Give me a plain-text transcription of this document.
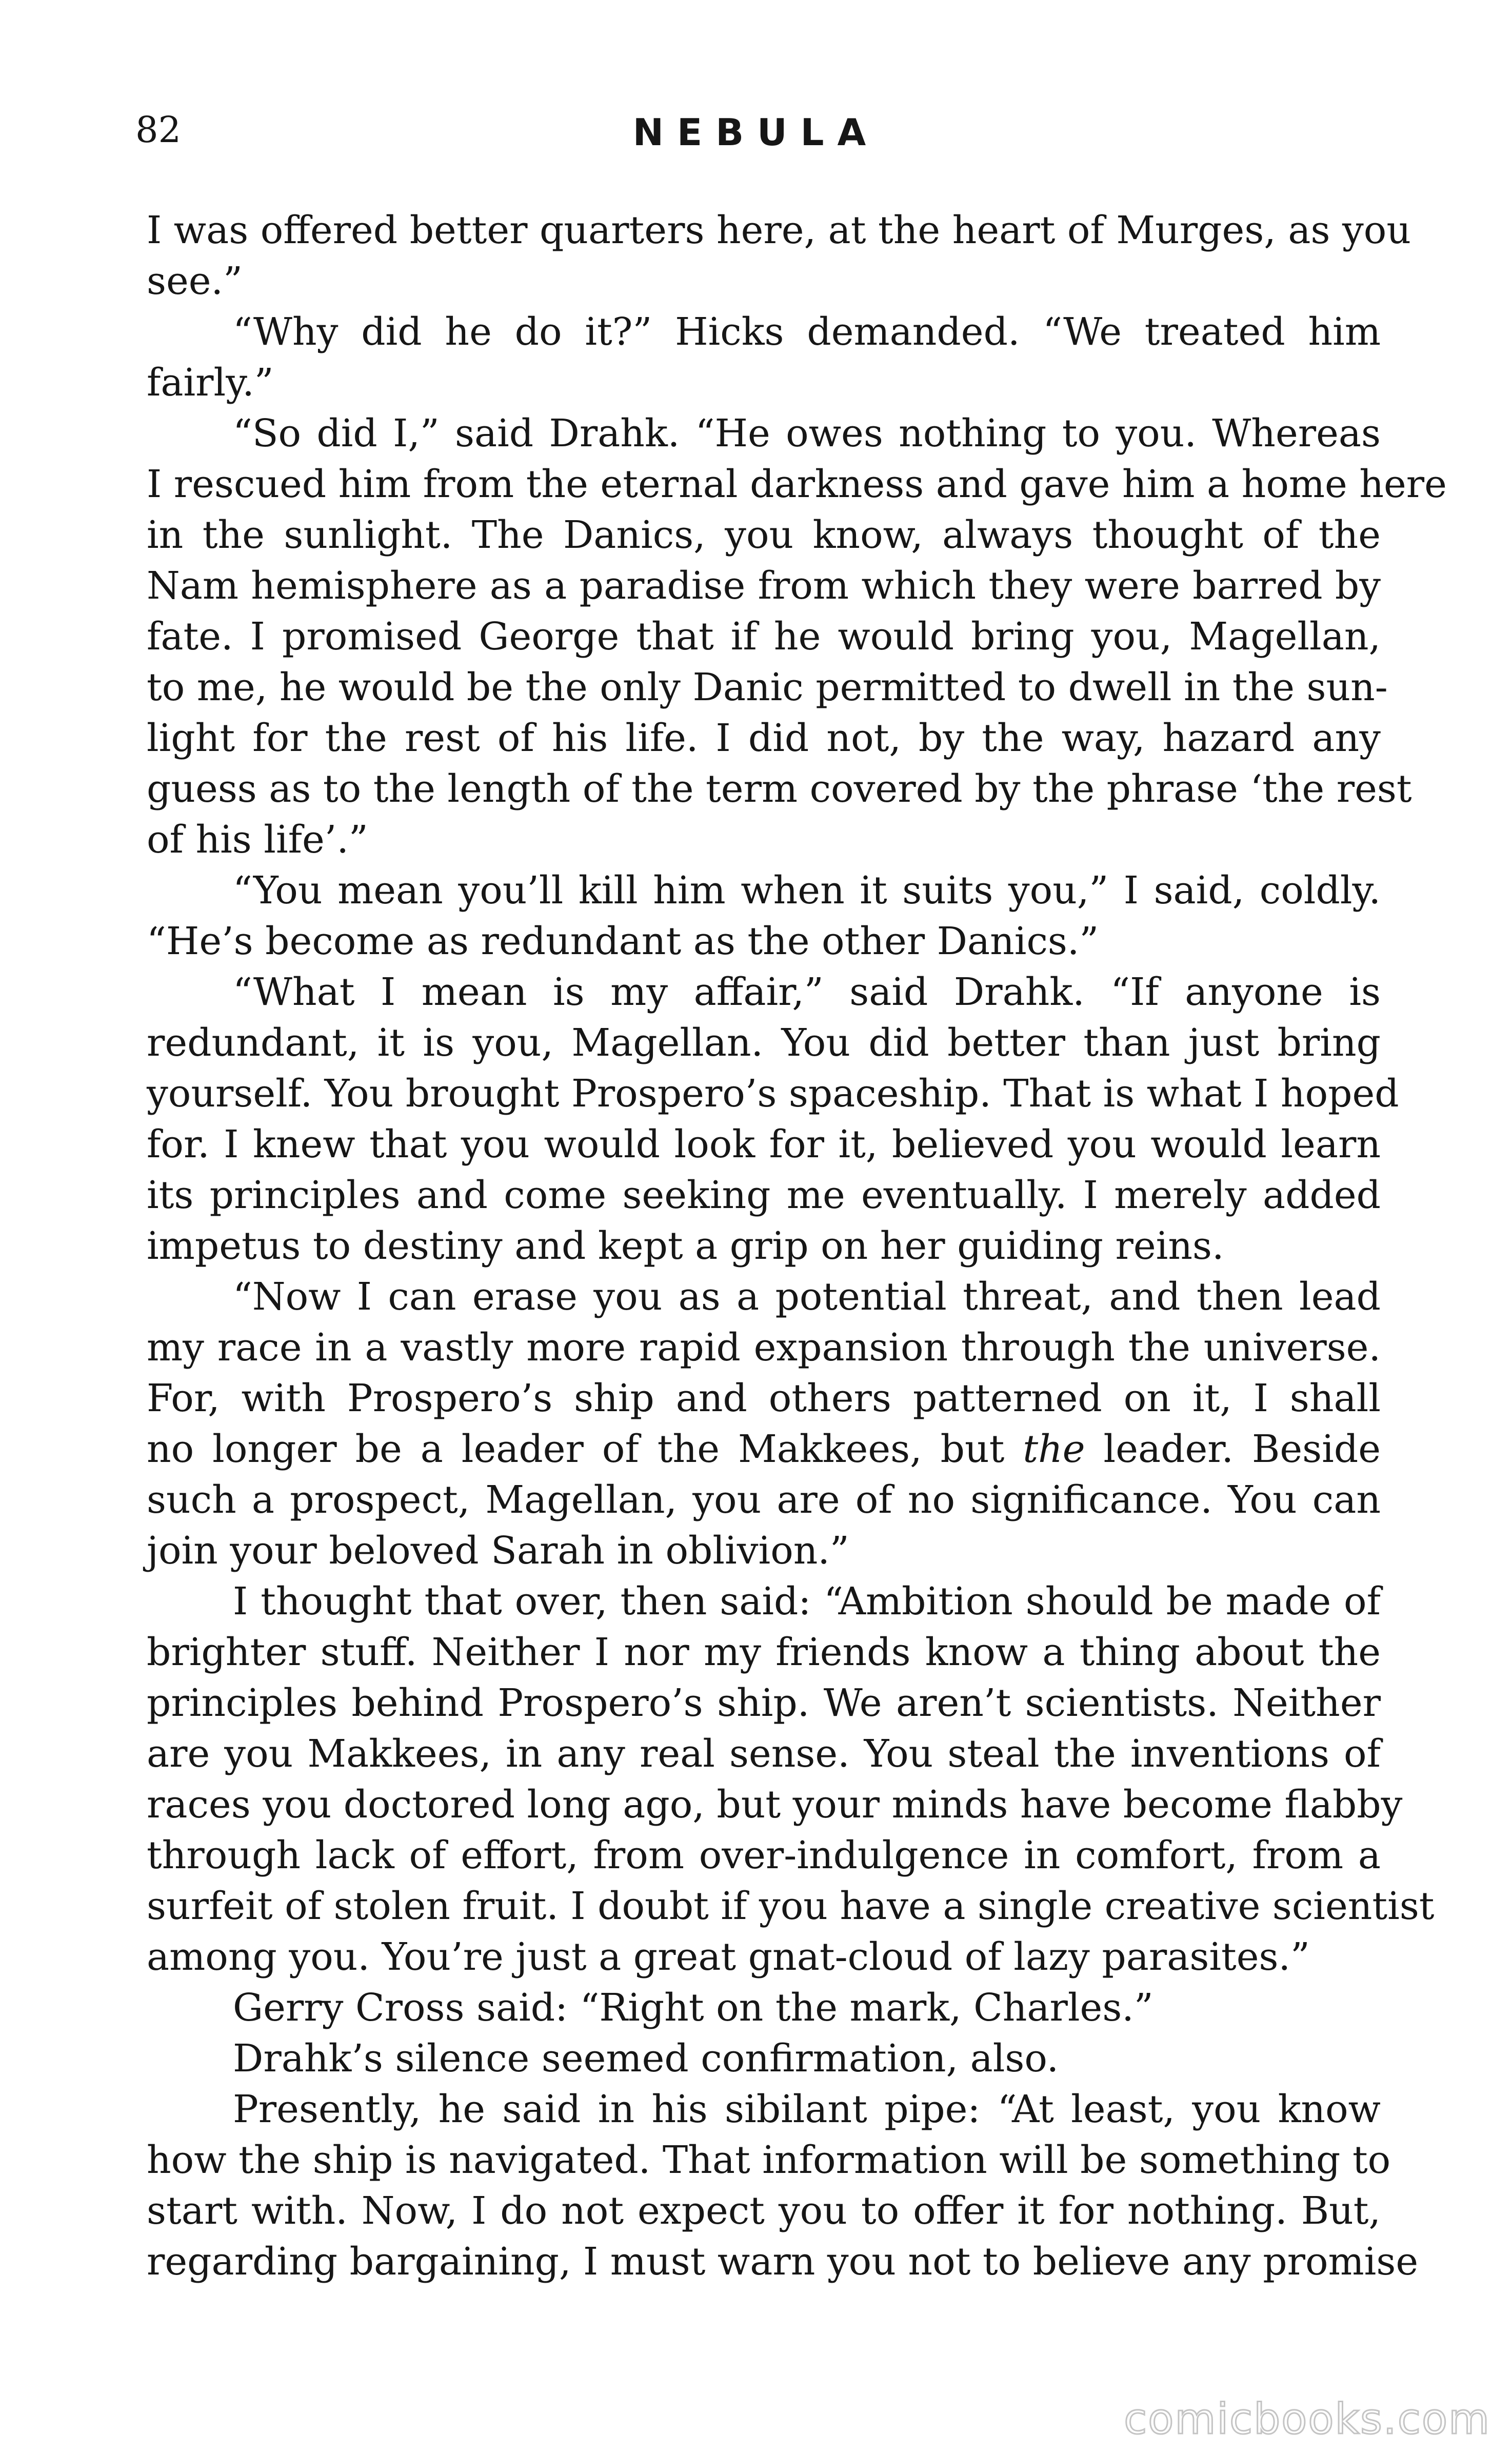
82	NEBULA
I was offered better quarters here, at the heart of Murges, as you
see.”
“Why did he do it?” Hicks demanded. “We treated him
fairly.”
“So did I,” said Drahk. “He owes nothing to you. Whereas
I rescued him from the eternal darkness and gave him a home here
in the sunlight. The Danics, you know, always thought of the
Nam hemisphere as a paradise from which they were barred by
fate. I promised George that if he would bring you, Magellan,
to me, he would be the only Danic permitted to dwell in the sun-
light for the rest of his life. I did not, by the way, hazard any
guess as to the length of the term covered by the phrase ‘the rest
of his life’.”
“You mean you’ll kill him when it suits you,” I said, coldly.
“He’s become as redundant as the other Danics.”
“What I mean is my affair,” said Drahk. “If anyone is
redundant, it is you, Magellan. You did better than just bring
yourself. You brought Prospero’s spaceship. That is what I hoped
for. I knew that you would look for it, believed you would learn
its principles and come seeking me eventually. I merely added
impetus to destiny and kept a grip on her guiding reins.
“Now I can erase you as a potential threat, and then lead
my race in a vastly more rapid expansion through the universe.
For, with Prospero’s ship and others patterned on it, I shall
no longer be a leader of the Makkees, but the leader. Beside
such a prospect, Magellan, you are of no significance. You can
join your beloved Sarah in oblivion.”
I thought that over, then said: “Ambition should be made of
brighter stuff. Neither I nor my friends know a thing about the
principles behind Prospero’s ship. We aren’t scientists. Neither
are you Makkees, in any real sense. You steal the inventions of
races you doctored long ago, but your minds have become flabby
through lack of effort, from over-indulgence in comfort, from a
surfeit of stolen fruit. I doubt if you have a single creative scientist
among you. You’re just a great gnat-cloud of lazy parasites.”
Gerry Cross said: “Right on the mark, Charles.”
Drahk’s silence seemed confirmation, also.
Presently, he said in his sibilant pipe: “At least, you know
how the ship is navigated. That information will be something to
start with. Now, I do not expect you to offer it for nothing. But,
regarding bargaining, I must warn you not to believe any promise
comicbooks.com
